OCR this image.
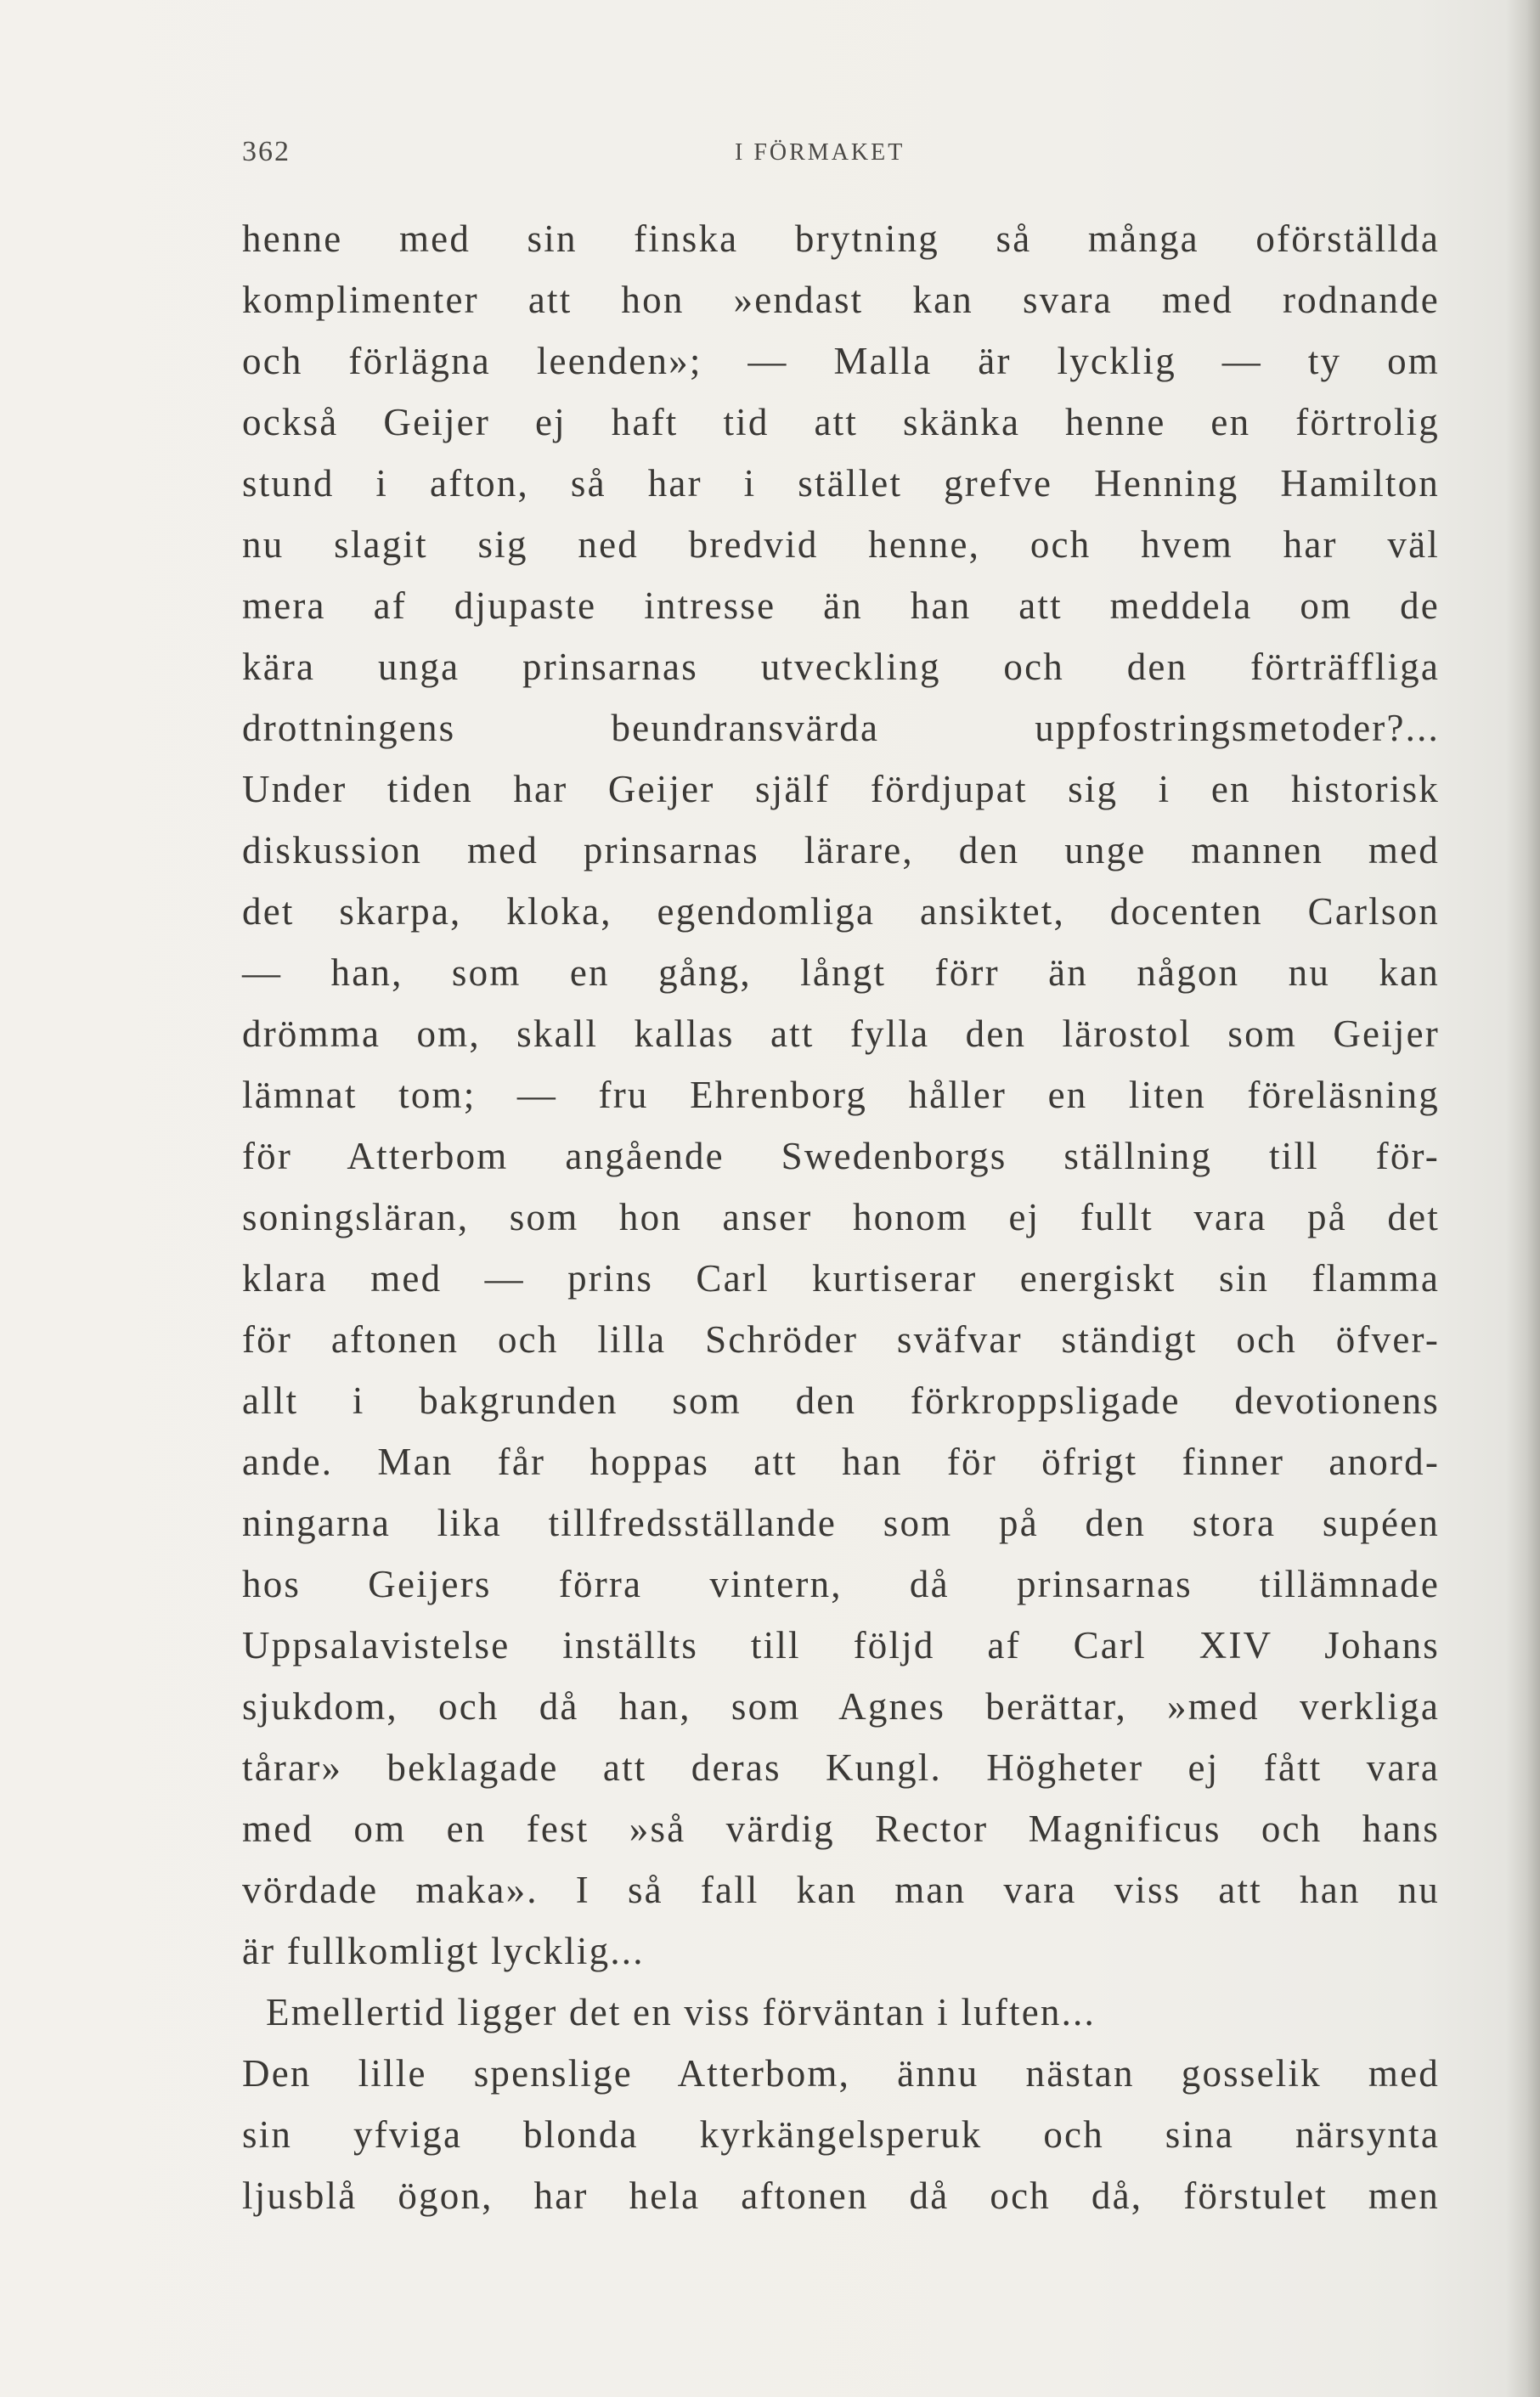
362	I FÖRMAKET
henne med sin finska brytning så många oförställda
komplimenter att hon »endast kan svara med rodnande
och förlägna leenden»; — Malla är lycklig — ty om
också Geijer ej haft tid att skänka henne en förtrolig
stund i afton, så har i stället grefve Henning Hamilton
nu slagit sig ned bredvid henne, och hvem har väl
mera af djupaste intresse än han att meddela om de
kära unga prinsarnas utveckling och den förträffliga
drottningens beundransvärda uppfostringsmetoder?...
Under tiden har Geijer själf fördjupat sig i en historisk
diskussion med prinsarnas lärare, den unge mannen med
det skarpa, kloka, egendomliga ansiktet, docenten Carlson
— han, som en gång, långt förr än någon nu kan
drömma om, skall kallas att fylla den lärostol som Geijer
lämnat tom; — fru Ehrenborg håller en liten föreläsning
för Atterbom angående Swedenborgs ställning till för-
soningsläran, som hon anser honom ej fullt vara på det
klara med — prins Carl kurtiserar energiskt sin flamma
för aftonen och lilla Schröder sväfvar ständigt och öfver-
allt i bakgrunden som den förkroppsligade devotionens
ande. Man får hoppas att han för öfrigt finner anord-
ningarna lika tillfredsställande som på den stora supéen
hos Geijers förra vintern, då prinsarnas tillämnade
Uppsalavistelse inställts till följd af Carl XIV Johans
sjukdom, och då han, som Agnes berättar, »med verkliga
tårar» beklagade att deras Kungl. Högheter ej fått vara
med om en fest »så värdig Rector Magnificus och hans
vördade maka». I så fall kan man vara viss att han nu
är fullkomligt lycklig...
Emellertid ligger det en viss förväntan i luften...
Den lille spenslige Atterbom, ännu nästan gosselik med
sin yfviga blonda kyrkängelsperuk och sina närsynta
ljusblå ögon, har hela aftonen då och då, förstulet men
